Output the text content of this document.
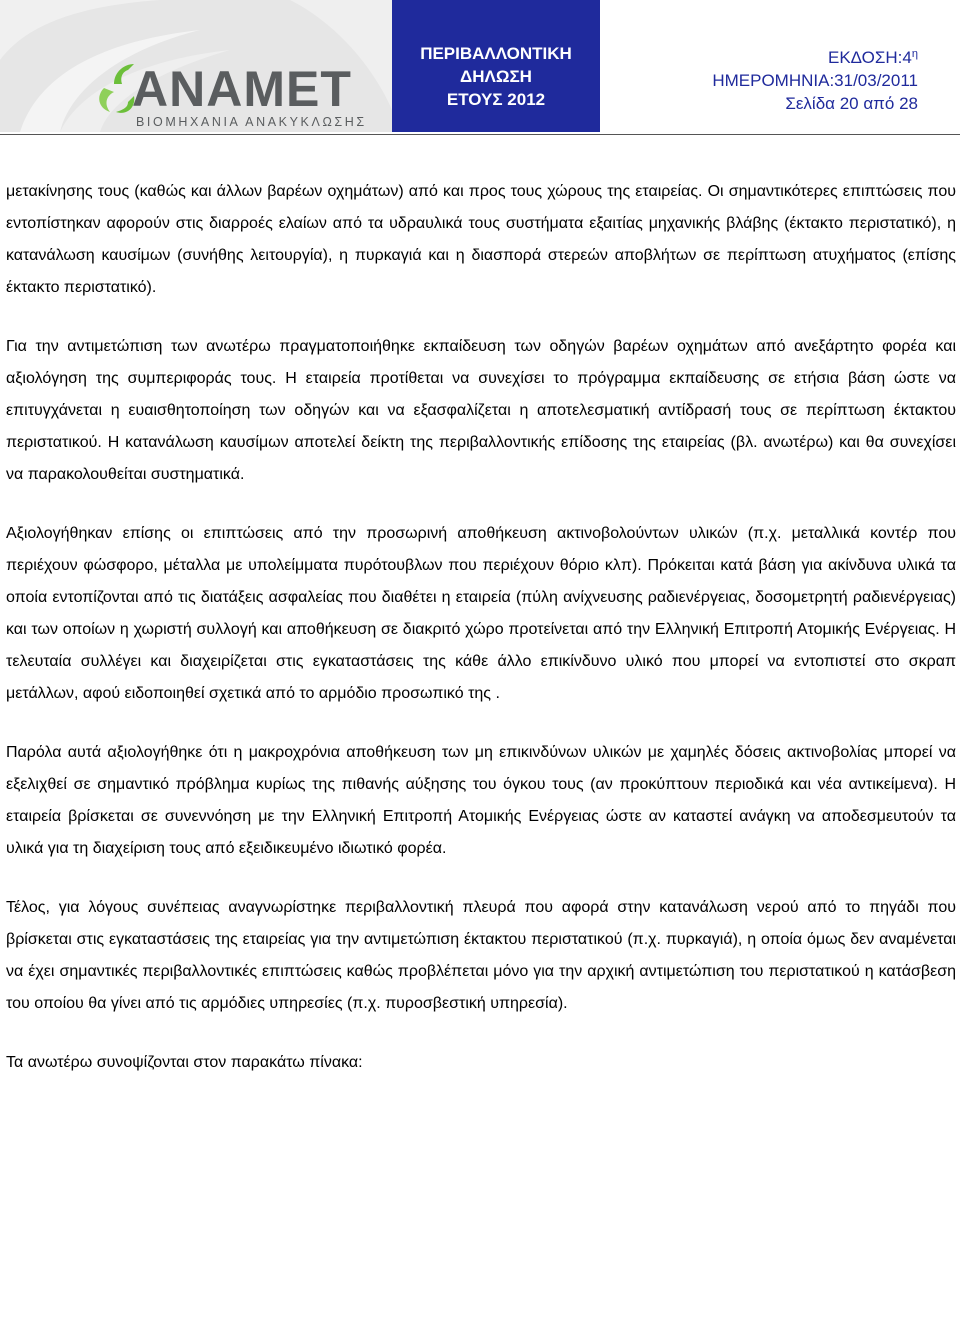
ANAMET
ΒΙΟΜΗΧΑΝΙΑ ΑΝΑΚΥΚΛΩΣΗΣ
ΠΕΡΙΒΑΛΛΟΝΤΙΚΗ
ΔΗΛΩΣΗ
ΕΤΟΥΣ 2012
$EK\Delta O\Sigma H:4^\eta$
ΗΜΕΡΟΜΗΝΙΑ:31/03/2011
Σελίδα 20 από 28

μετακίνησης τους (καθώς και άλλων βαρέων οχημάτων) από και προς τους χώρους της εταιρείας. Οι σημαντικότερες επιπτώσεις που εντοπίστηκαν αφορούν στις διαρροές ελαίων από τα υδραυλικά τους συστήματα εξαιτίας μηχανικής βλάβης (έκτακτο περιστατικό), η κατανάλωση καυσίμων (συνήθης λειτουργία), η πυρκαγιά και η διασπορά στερεών αποβλήτων σε περίπτωση ατυχήματος (επίσης έκτακτο περιστατικό).

Για την αντιμετώπιση των ανωτέρω πραγματοποιήθηκε εκπαίδευση των οδηγών βαρέων οχημάτων από ανεξάρτητο φορέα και αξιολόγηση της συμπεριφοράς τους. Η εταιρεία προτίθεται να συνεχίσει το πρόγραμμα εκπαίδευσης σε ετήσια βάση ώστε να επιτυγχάνεται η ευαισθητοποίηση των οδηγών και να εξασφαλίζεται η αποτελεσματική αντίδρασή τους σε περίπτωση έκτακτου περιστατικού. Η κατανάλωση καυσίμων αποτελεί δείκτη της περιβαλλοντικής επίδοσης της εταιρείας (βλ. ανωτέρω) και θα συνεχίσει να παρακολουθείται συστηματικά.

Αξιολογήθηκαν επίσης οι επιπτώσεις από την προσωρινή αποθήκευση ακτινοβολούντων υλικών (π.χ. μεταλλικά κοντέρ που περιέχουν φώσφορο, μέταλλα με υπολείμματα πυρότουβλων που περιέχουν θόριο κλπ). Πρόκειται κατά βάση για ακίνδυνα υλικά τα οποία εντοπίζονται από τις διατάξεις ασφαλείας που διαθέτει η εταιρεία (πύλη ανίχνευσης ραδιενέργειας, δοσομετρητή ραδιενέργειας) και των οποίων η χωριστή συλλογή και αποθήκευση σε διακριτό χώρο προτείνεται από την Ελληνική Επιτροπή Ατομικής Ενέργειας. Η τελευταία συλλέγει και διαχειρίζεται στις εγκαταστάσεις της κάθε άλλο επικίνδυνο υλικό που μπορεί να εντοπιστεί στο σκραπ μετάλλων, αφού ειδοποιηθεί σχετικά από το αρμόδιο προσωπικό της .

Παρόλα αυτά αξιολογήθηκε ότι η μακροχρόνια αποθήκευση των μη επικινδύνων υλικών με χαμηλές δόσεις ακτινοβολίας μπορεί να εξελιχθεί σε σημαντικό πρόβλημα κυρίως της πιθανής αύξησης του όγκου τους (αν προκύπτουν περιοδικά και νέα αντικείμενα). Η εταιρεία βρίσκεται σε συνεννόηση με την Ελληνική Επιτροπή Ατομικής Ενέργειας ώστε αν καταστεί ανάγκη να αποδεσμευτούν τα υλικά για τη διαχείριση τους από εξειδικευμένο ιδιωτικό φορέα.

Τέλος, για λόγους συνέπειας αναγνωρίστηκε περιβαλλοντική πλευρά που αφορά στην κατανάλωση νερού από το πηγάδι που βρίσκεται στις εγκαταστάσεις της εταιρείας για την αντιμετώπιση έκτακτου περιστατικού (π.χ. πυρκαγιά), η οποία όμως δεν αναμένεται να έχει σημαντικές περιβαλλοντικές επιπτώσεις καθώς προβλέπεται μόνο για την αρχική αντιμετώπιση του περιστατικού η κατάσβεση του οποίου θα γίνει από τις αρμόδιες υπηρεσίες (π.χ. πυροσβεστική υπηρεσία).

Τα ανωτέρω συνοψίζονται στον παρακάτω πίνακα:
